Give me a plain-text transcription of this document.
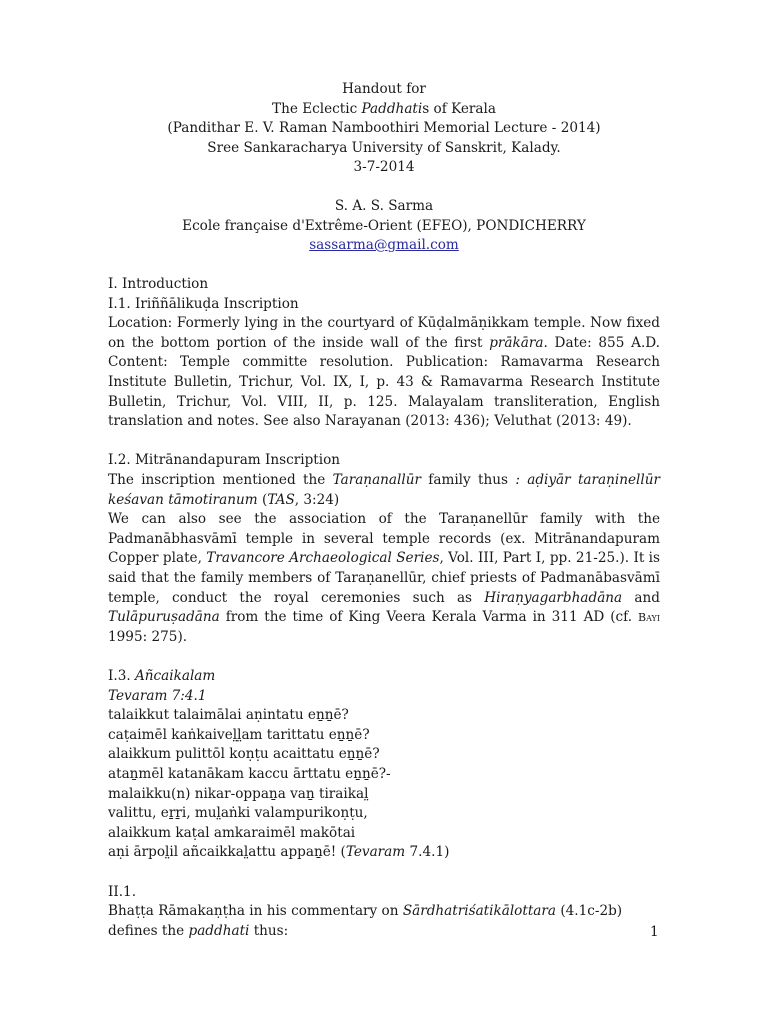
Handout for
The Eclectic Paddhatis of Kerala
(Pandithar E. V. Raman Namboothiri Memorial Lecture - 2014)
Sree Sankaracharya University of Sanskrit, Kalady.
3-7-2014
S. A. S. Sarma
Ecole française d'Extrême-Orient (EFEO), PONDICHERRY
sassarma@gmail.com

I. Introduction

I.1. Iriññālikuḍa Inscription

Location: Formerly lying in the courtyard of Kūḍalmāṇikkam temple. Now fixed on the bottom portion of the inside wall of the first prākāra. Date: 855 A.D. Content: Temple committe resolution. Publication: Ramavarma Research Institute Bulletin, Trichur, Vol. IX, I, p. 43 & Ramavarma Research Institute Bulletin, Trichur, Vol. VIII, II, p. 125. Malayalam transliteration, English translation and notes. See also Narayanan (2013: 436); Veluthat (2013: 49).

I.2. Mitrānandapuram Inscription

The inscription mentioned the Taraṇanallūr family thus : aḍiyār taraṇinellūr keśavan tāmotiranum (TAS, 3:24)

We can also see the association of the Taraṇanellūr family with the Padmanābhasvāmī temple in several temple records (ex. Mitrānandapuram Copper plate, Travancore Archaeological Series, Vol. III, Part I, pp. 21-25.). It is said that the family members of Taraṇanellūr, chief priests of Padmanābasvāmī temple, conduct the royal ceremonies such as Hiraṇyagarbhadāna and Tulāpuruṣadāna from the time of King Veera Kerala Varma in 311 AD (cf. Bayi 1995: 275).

I.3. Añcaikalam

Tevaram 7:4.1

talaikkut talaimālai aṇintatu eṉṉē?

caṭaimēl kaṅkaivel̤l̤am tarittatu eṉṉē?

alaikkum pulittōl koṇṭu acaittatu eṉṉē?

ataṉmēl katanākam kaccu ārttatu eṉṉē?-

malaikku(n) nikar-oppaṉa vaṉ tiraikal̤

valittu, eṟṟi, mul̤aṅki valampurikoṇṭu,

alaikkum kaṭal amkaraimēl makōtai

aṇi ārpol̤il añcaikkal̤attu appaṉē! (Tevaram 7.4.1)

II.1.

Bhaṭṭa Rāmakaṇṭha in his commentary on Sārdhatriśatikālottara (4.1c-2b) defines the paddhati thus:	1
